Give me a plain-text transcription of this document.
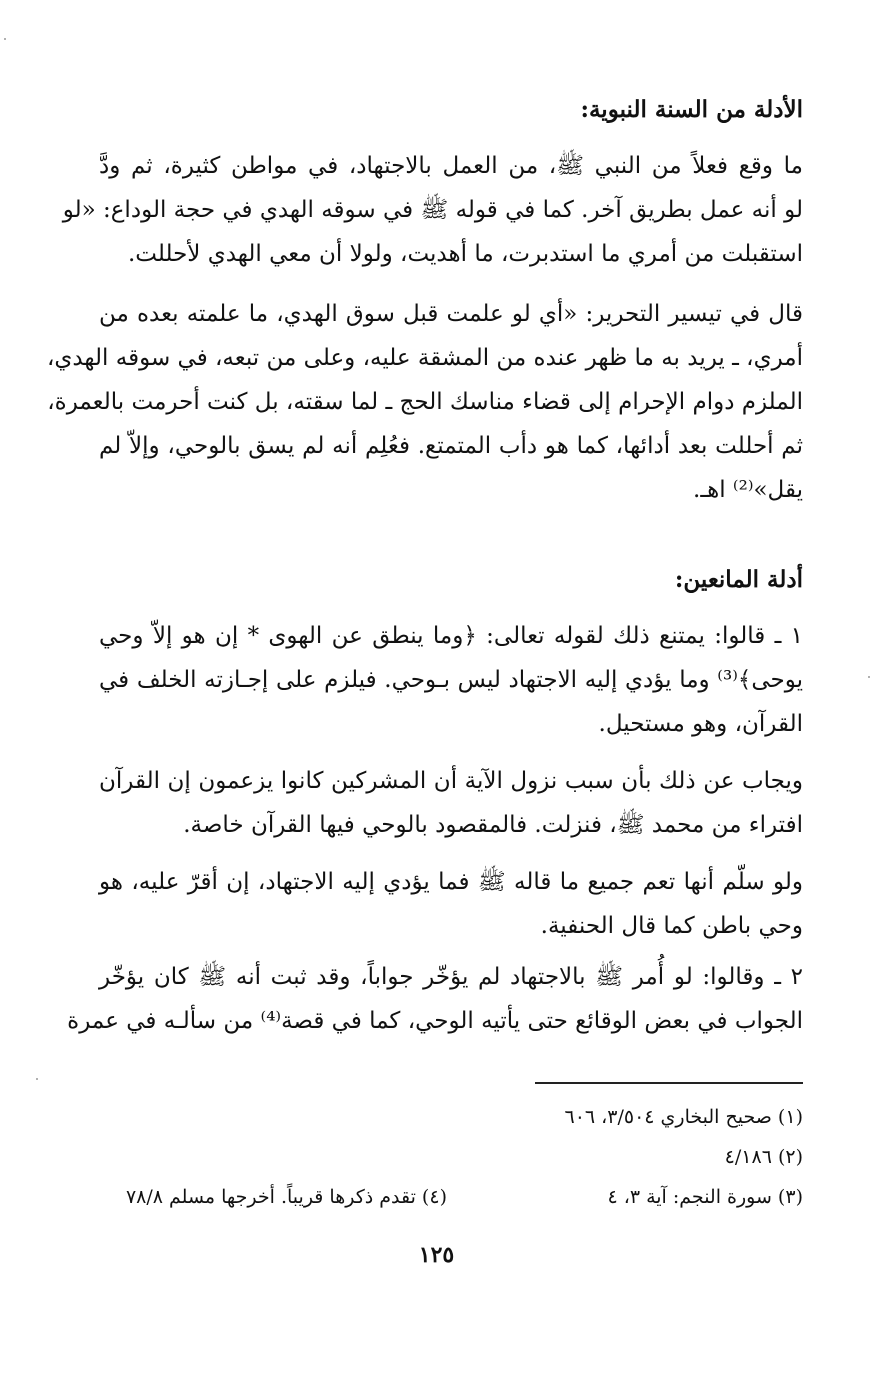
الأدلة من السنة النبوية:
ما وقع فعلاً من النبي ﷺ، من العمل بالاجتهاد، في مواطن كثيرة، ثم ودَّ
لو أنه عمل بطريق آخر. كما في قوله ﷺ في سوقه الهدي في حجة الوداع: «لو
استقبلت من أمري ما استدبرت، ما أهديت، ولولا أن معي الهدي لأحللت.
قال في تيسير التحرير: «أي لو علمت قبل سوق الهدي، ما علمته بعده من
أمري، ـ يريد به ما ظهر عنده من المشقة عليه، وعلى من تبعه، في سوقه الهدي،
الملزم دوام الإحرام إلى قضاء مناسك الحج ـ لما سقته، بل كنت أحرمت بالعمرة،
ثم أحللت بعد أدائها، كما هو دأب المتمتع. فعُلِم أنه لم يسق بالوحي، وإلاّ لم
يقل»⁽²⁾ اهـ.
أدلة المانعين:
١ ـ قالوا: يمتنع ذلك لقوله تعالى: ﴿وما ينطق عن الهوى * إن هو إلاّ وحي
يوحى﴾⁽³⁾ وما يؤدي إليه الاجتهاد ليس بـوحي. فيلزم على إجـازته الخلف في
القرآن، وهو مستحيل.
ويجاب عن ذلك بأن سبب نزول الآية أن المشركين كانوا يزعمون إن القرآن
افتراء من محمد ﷺ، فنزلت. فالمقصود بالوحي فيها القرآن خاصة.
ولو سلّم أنها تعم جميع ما قاله ﷺ فما يؤدي إليه الاجتهاد، إن أقرّ عليه، هو
وحي باطن كما قال الحنفية.
٢ ـ وقالوا: لو أُمر ﷺ بالاجتهاد لم يؤخّر جواباً، وقد ثبت أنه ﷺ كان يؤخّر
الجواب في بعض الوقائع حتى يأتيه الوحي، كما في قصة⁽⁴⁾ من سألـه في عمرة
(١) صحيح البخاري ٣/٥٠٤، ٦٠٦
(٢) ٤/١٨٦
(٣) سورة النجم: آية ٣، ٤
(٤) تقدم ذكرها قريباً. أخرجها مسلم ٧٨/٨
١٢٥
